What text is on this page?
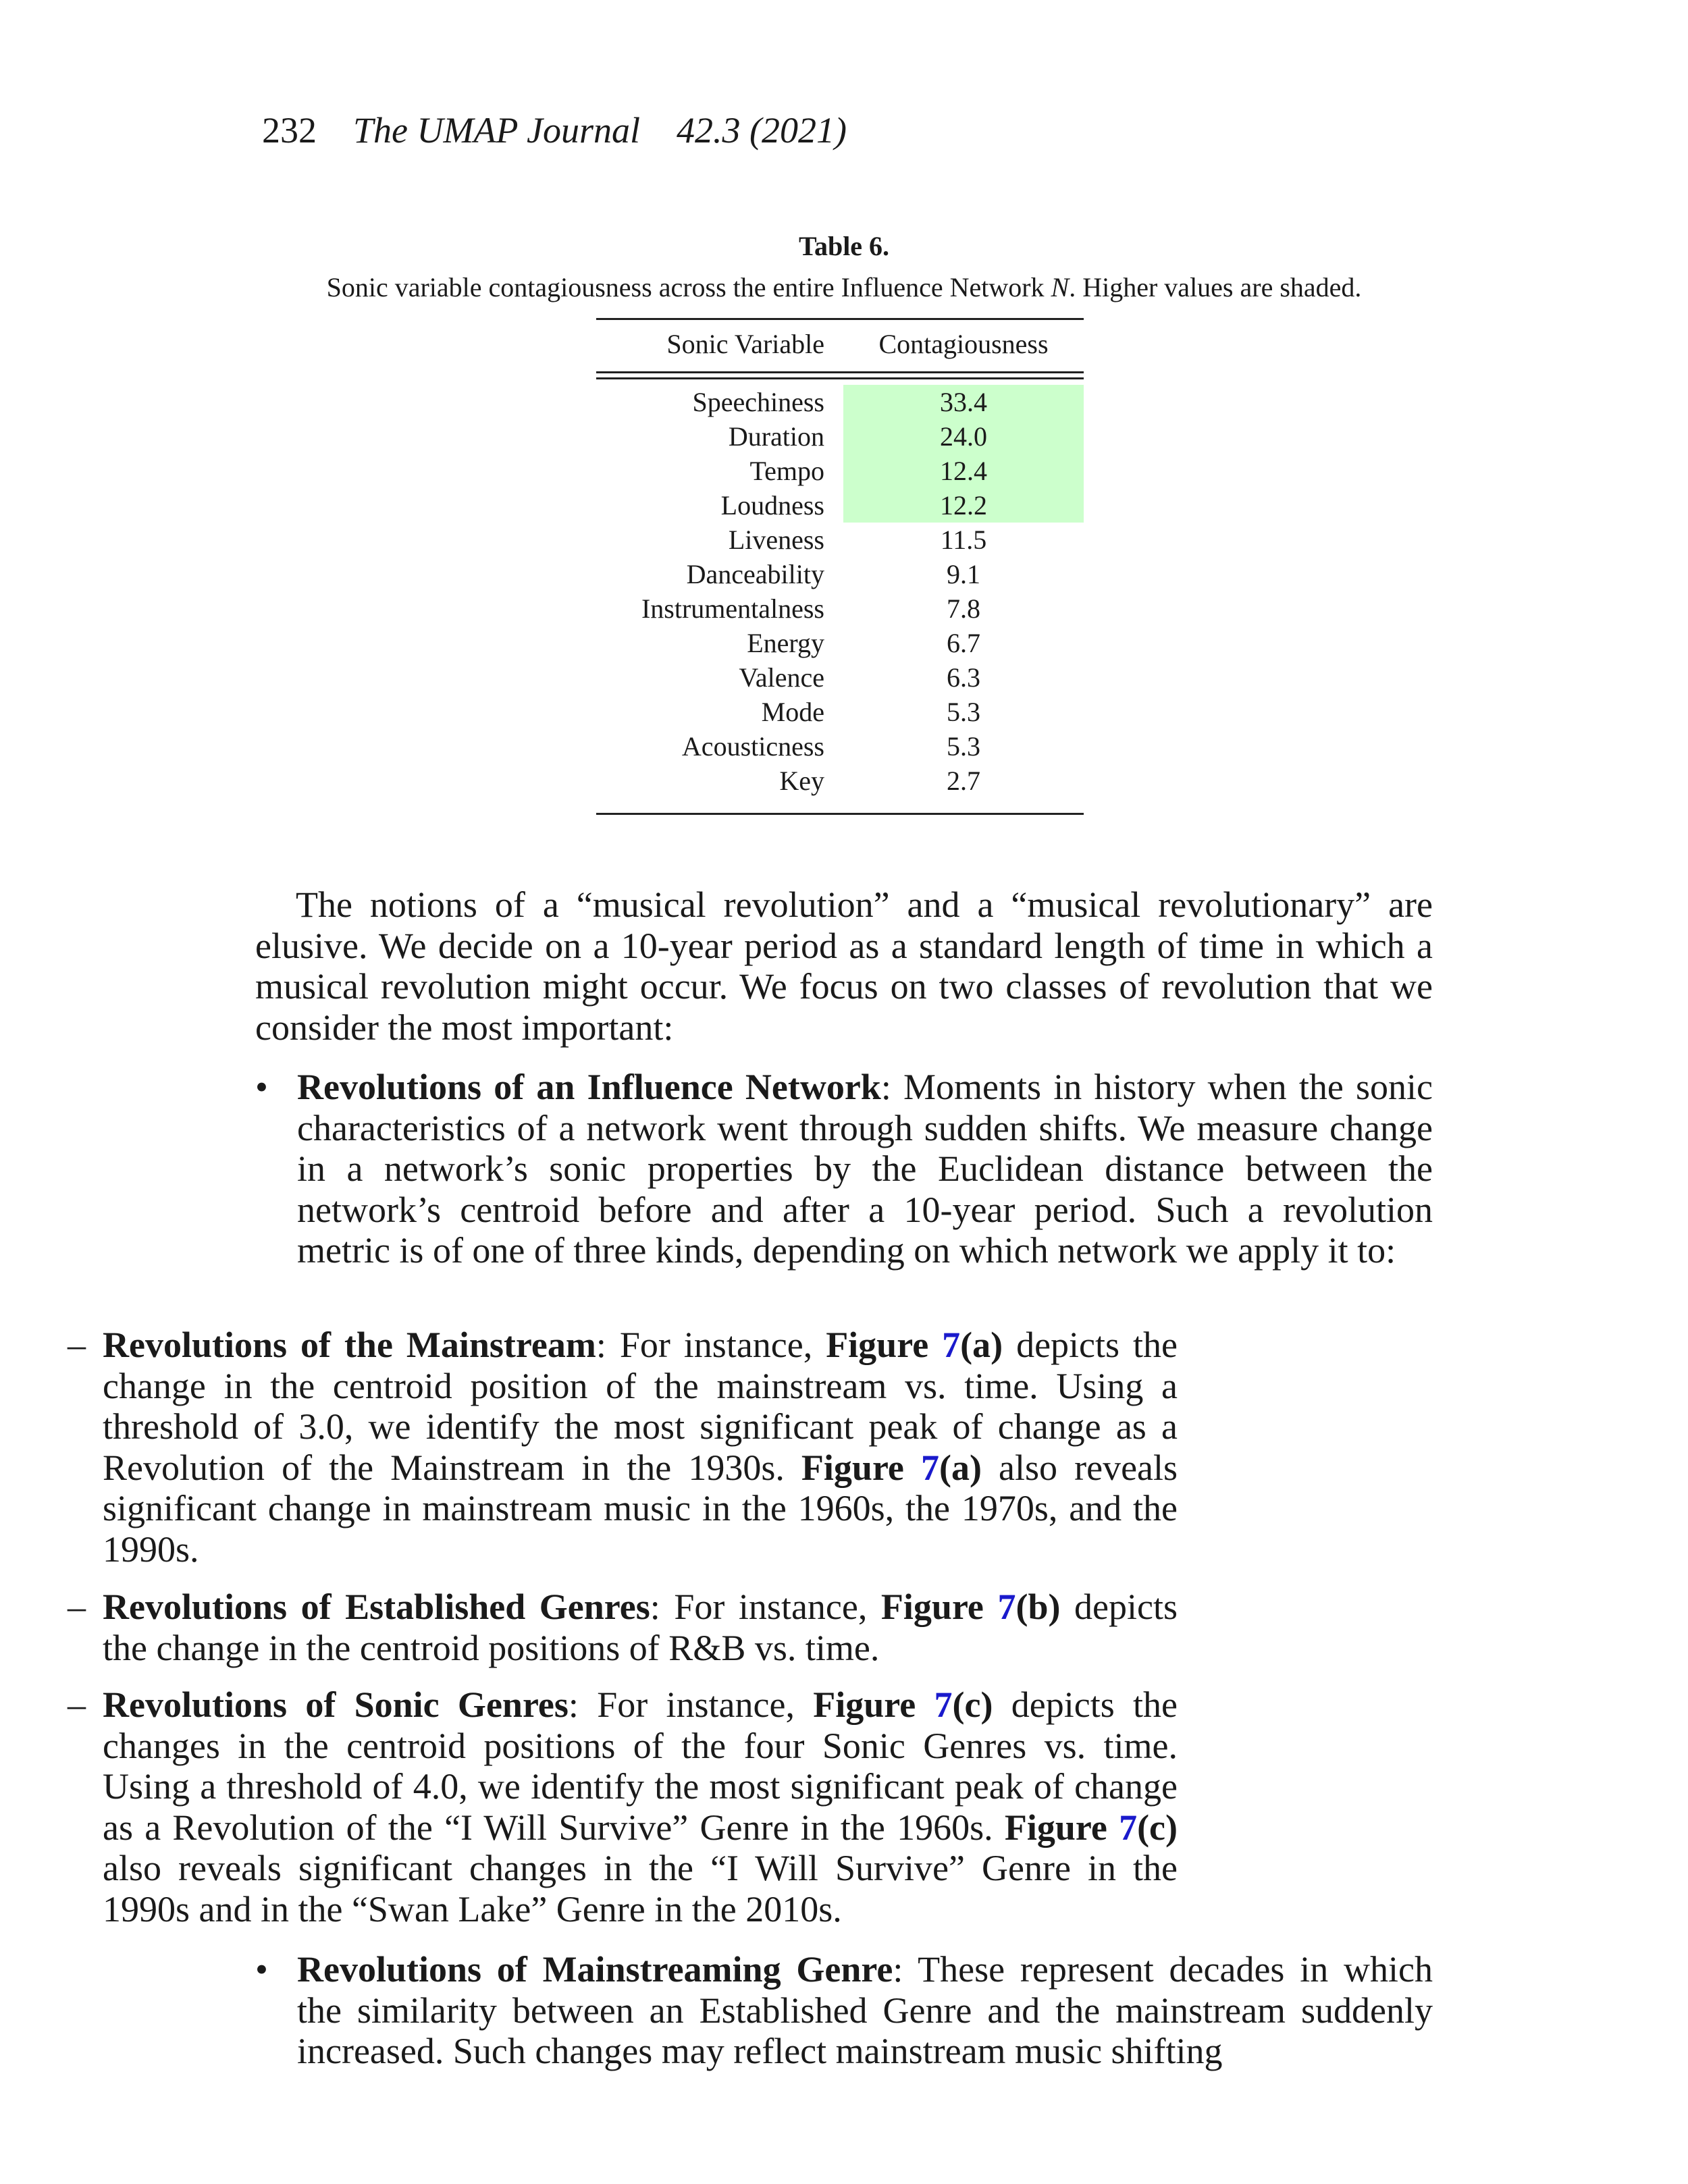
232 The UMAP Journal 42.3 (2021)
Table 6.
Sonic variable contagiousness across the entire Influence Network N. Higher values are shaded.
Sonic Variable	Contagiousness
Speechiness	33.4
Duration	24.0
Tempo	12.4
Loudness	12.2
Liveness	11.5
Danceability	9.1
Instrumentalness	7.8
Energy	6.7
Valence	6.3
Mode	5.3
Acousticness	5.3
Key	2.7

The notions of a “musical revolution” and a “musical revolutionary” are elusive. We decide on a 10-year period as a standard length of time in which a musical revolution might occur. We focus on two classes of revolution that we consider the most important:

• Revolutions of an Influence Network: Moments in history when the sonic characteristics of a network went through sudden shifts. We measure change in a network’s sonic properties by the Euclidean distance between the network’s centroid before and after a 10-year period. Such a revolution metric is of one of three kinds, depending on which network we apply it to:
– Revolutions of the Mainstream: For instance, Figure 7(a) depicts the change in the centroid position of the mainstream vs. time. Using a threshold of 3.0, we identify the most significant peak of change as a Revolution of the Mainstream in the 1930s. Figure 7(a) also reveals significant change in mainstream music in the 1960s, the 1970s, and the 1990s.
– Revolutions of Established Genres: For instance, Figure 7(b) depicts the change in the centroid positions of R&B vs. time.
– Revolutions of Sonic Genres: For instance, Figure 7(c) depicts the changes in the centroid positions of the four Sonic Genres vs. time. Using a threshold of 4.0, we identify the most significant peak of change as a Revolution of the “I Will Survive” Genre in the 1960s. Figure 7(c) also reveals significant changes in the “I Will Survive” Genre in the 1990s and in the “Swan Lake” Genre in the 2010s.
• Revolutions of Mainstreaming Genre: These represent decades in which the similarity between an Established Genre and the mainstream suddenly increased. Such changes may reflect mainstream music shifting
